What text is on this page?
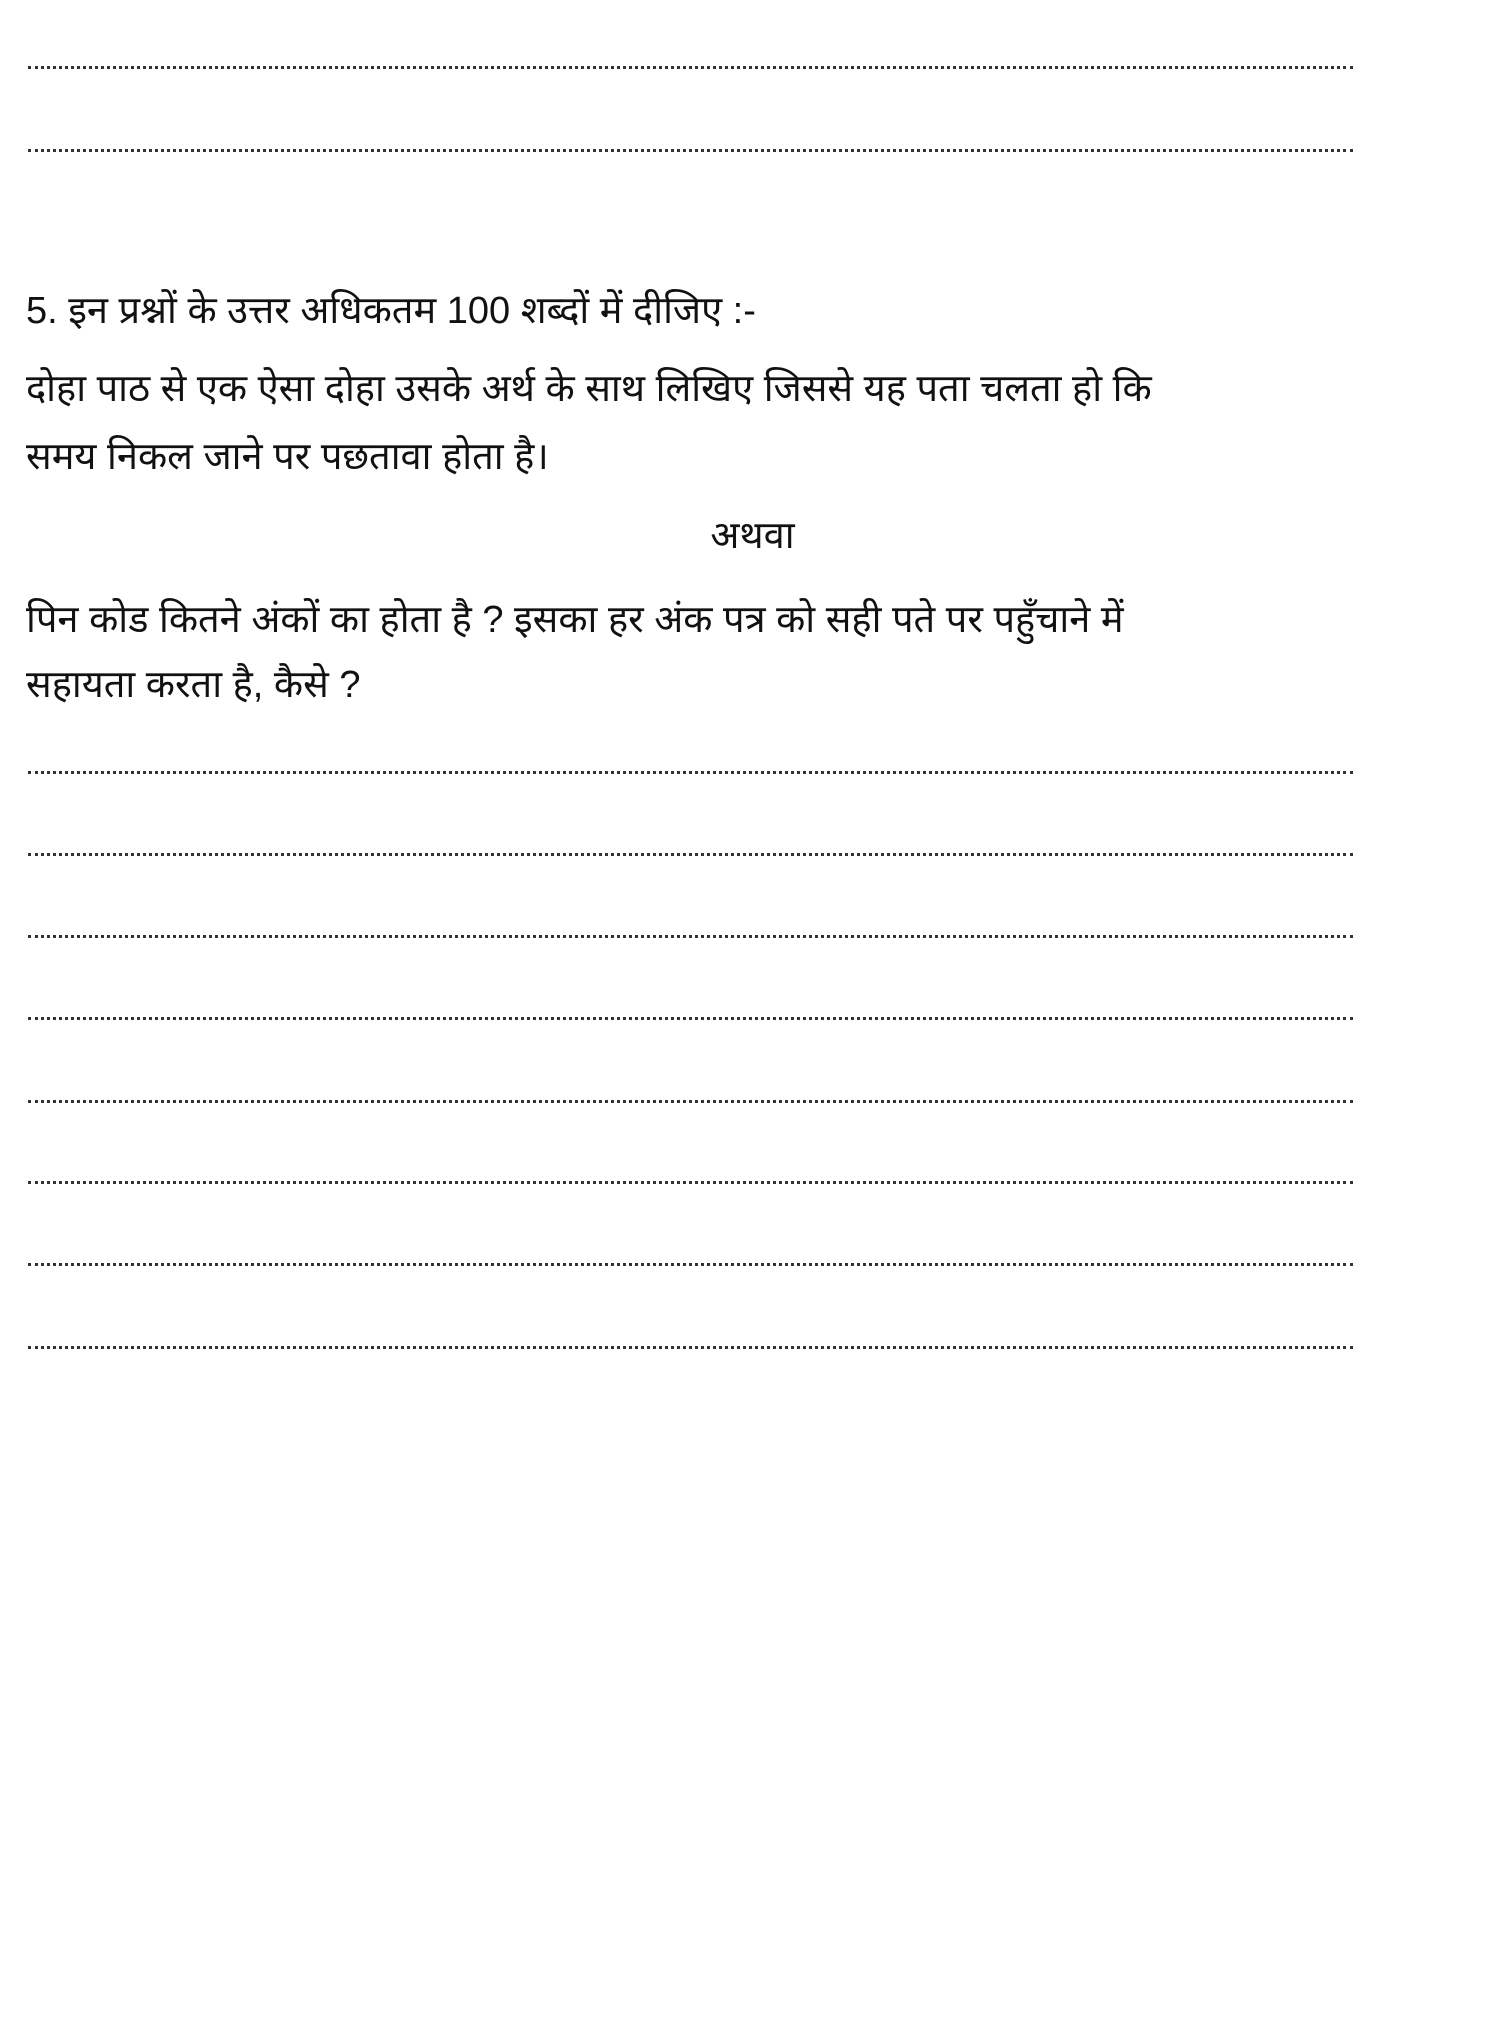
5. इन प्रश्नों के उत्तर अधिकतम 100 शब्दों में दीजिए :-
दोहा पाठ से एक ऐसा दोहा उसके अर्थ के साथ लिखिए जिससे यह पता चलता हो कि
समय निकल जाने पर पछतावा होता है।
अथवा
पिन कोड कितने अंकों का होता है ? इसका हर अंक पत्र को सही पते पर पहुँचाने में
सहायता करता है, कैसे ?
